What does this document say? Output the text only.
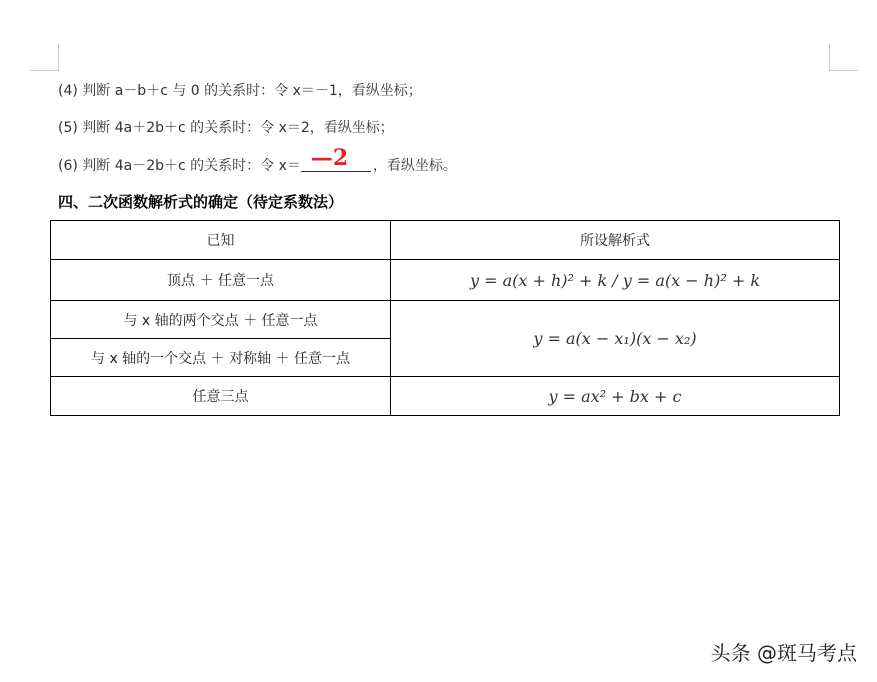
(4) 判断 a－b＋c 与 0 的关系时：令 x＝－1，看纵坐标；
(5) 判断 4a＋2b＋c 的关系时：令 x＝2，看纵坐标；
(6) 判断 4a－2b＋c 的关系时：令 x＝ —2 ，看纵坐标。
四、二次函数解析式的确定（待定系数法）
已知	所设解析式
顶点 ＋ 任意一点	y = a(x + h)² + k / y = a(x − h)² + k
与 x 轴的两个交点 ＋ 任意一点	y = a(x − x₁)(x − x₂)
与 x 轴的一个交点 ＋ 对称轴 ＋ 任意一点	
任意三点	y = ax² + bx + c
头条 @斑马考点
